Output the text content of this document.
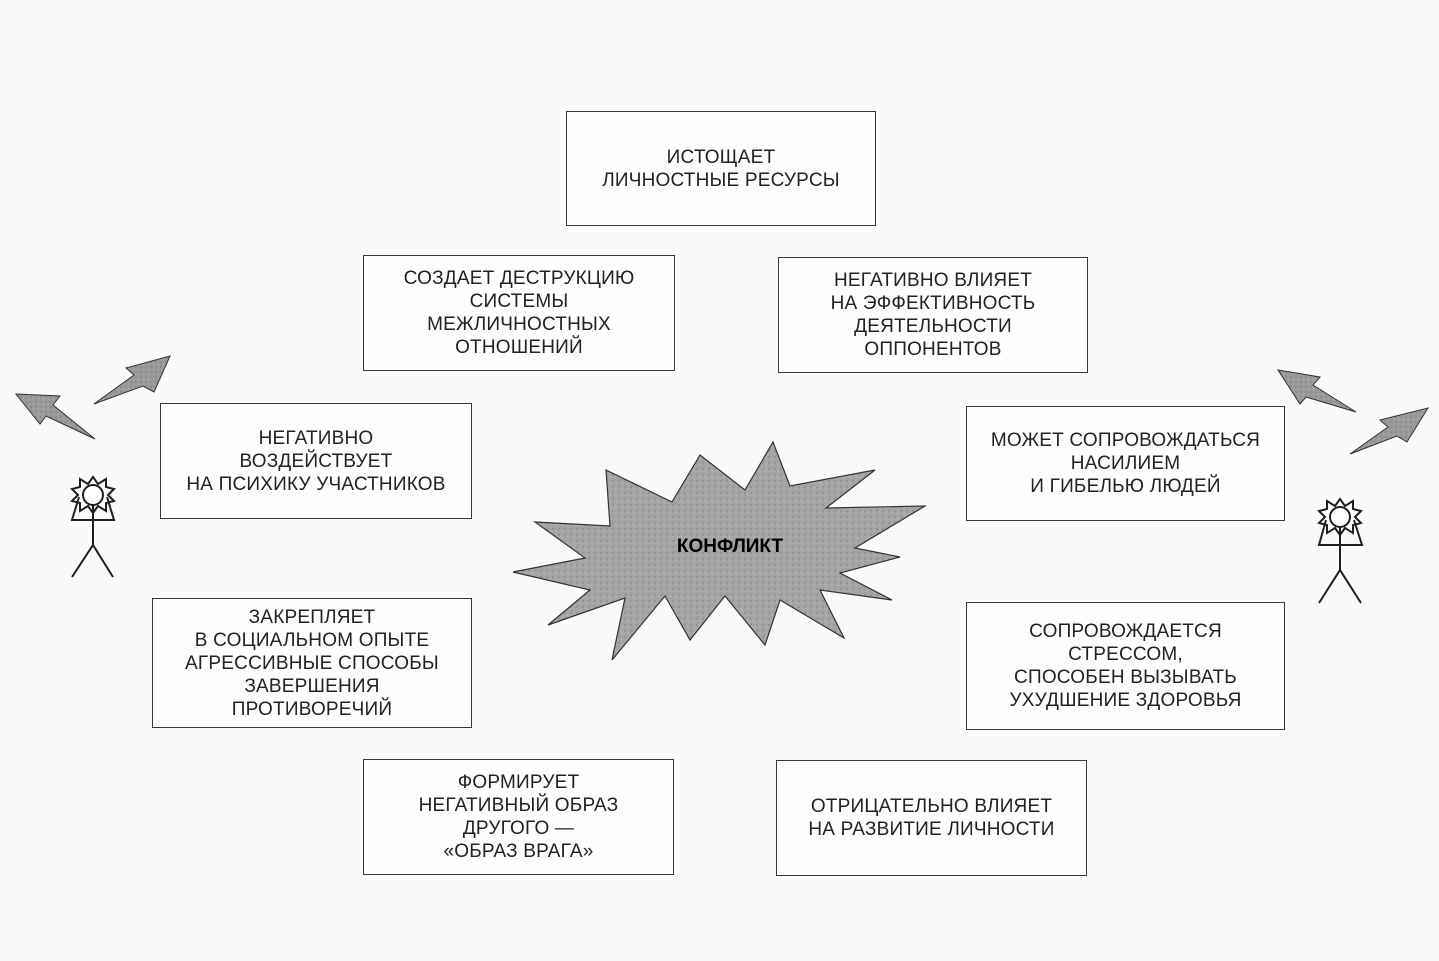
ИСТОЩАЕТ
ЛИЧНОСТНЫЕ РЕСУРСЫ
СОЗДАЕТ ДЕСТРУКЦИЮ
СИСТЕМЫ
МЕЖЛИЧНОСТНЫХ
ОТНОШЕНИЙ
НЕГАТИВНО ВЛИЯЕТ
НА ЭФФЕКТИВНОСТЬ
ДЕЯТЕЛЬНОСТИ
ОППОНЕНТОВ
НЕГАТИВНО
ВОЗДЕЙСТВУЕТ
НА ПСИХИКУ УЧАСТНИКОВ
МОЖЕТ СОПРОВОЖДАТЬСЯ
НАСИЛИЕМ
И ГИБЕЛЬЮ ЛЮДЕЙ
ЗАКРЕПЛЯЕТ
В СОЦИАЛЬНОМ ОПЫТЕ
АГРЕССИВНЫЕ СПОСОБЫ
ЗАВЕРШЕНИЯ
ПРОТИВОРЕЧИЙ
СОПРОВОЖДАЕТСЯ
СТРЕССОМ,
СПОСОБЕН ВЫЗЫВАТЬ
УХУДШЕНИЕ ЗДОРОВЬЯ
ФОРМИРУЕТ
НЕГАТИВНЫЙ ОБРАЗ
ДРУГОГО —
«ОБРАЗ ВРАГА»
ОТРИЦАТЕЛЬНО ВЛИЯЕТ
НА РАЗВИТИЕ ЛИЧНОСТИ
КОНФЛИКТ
